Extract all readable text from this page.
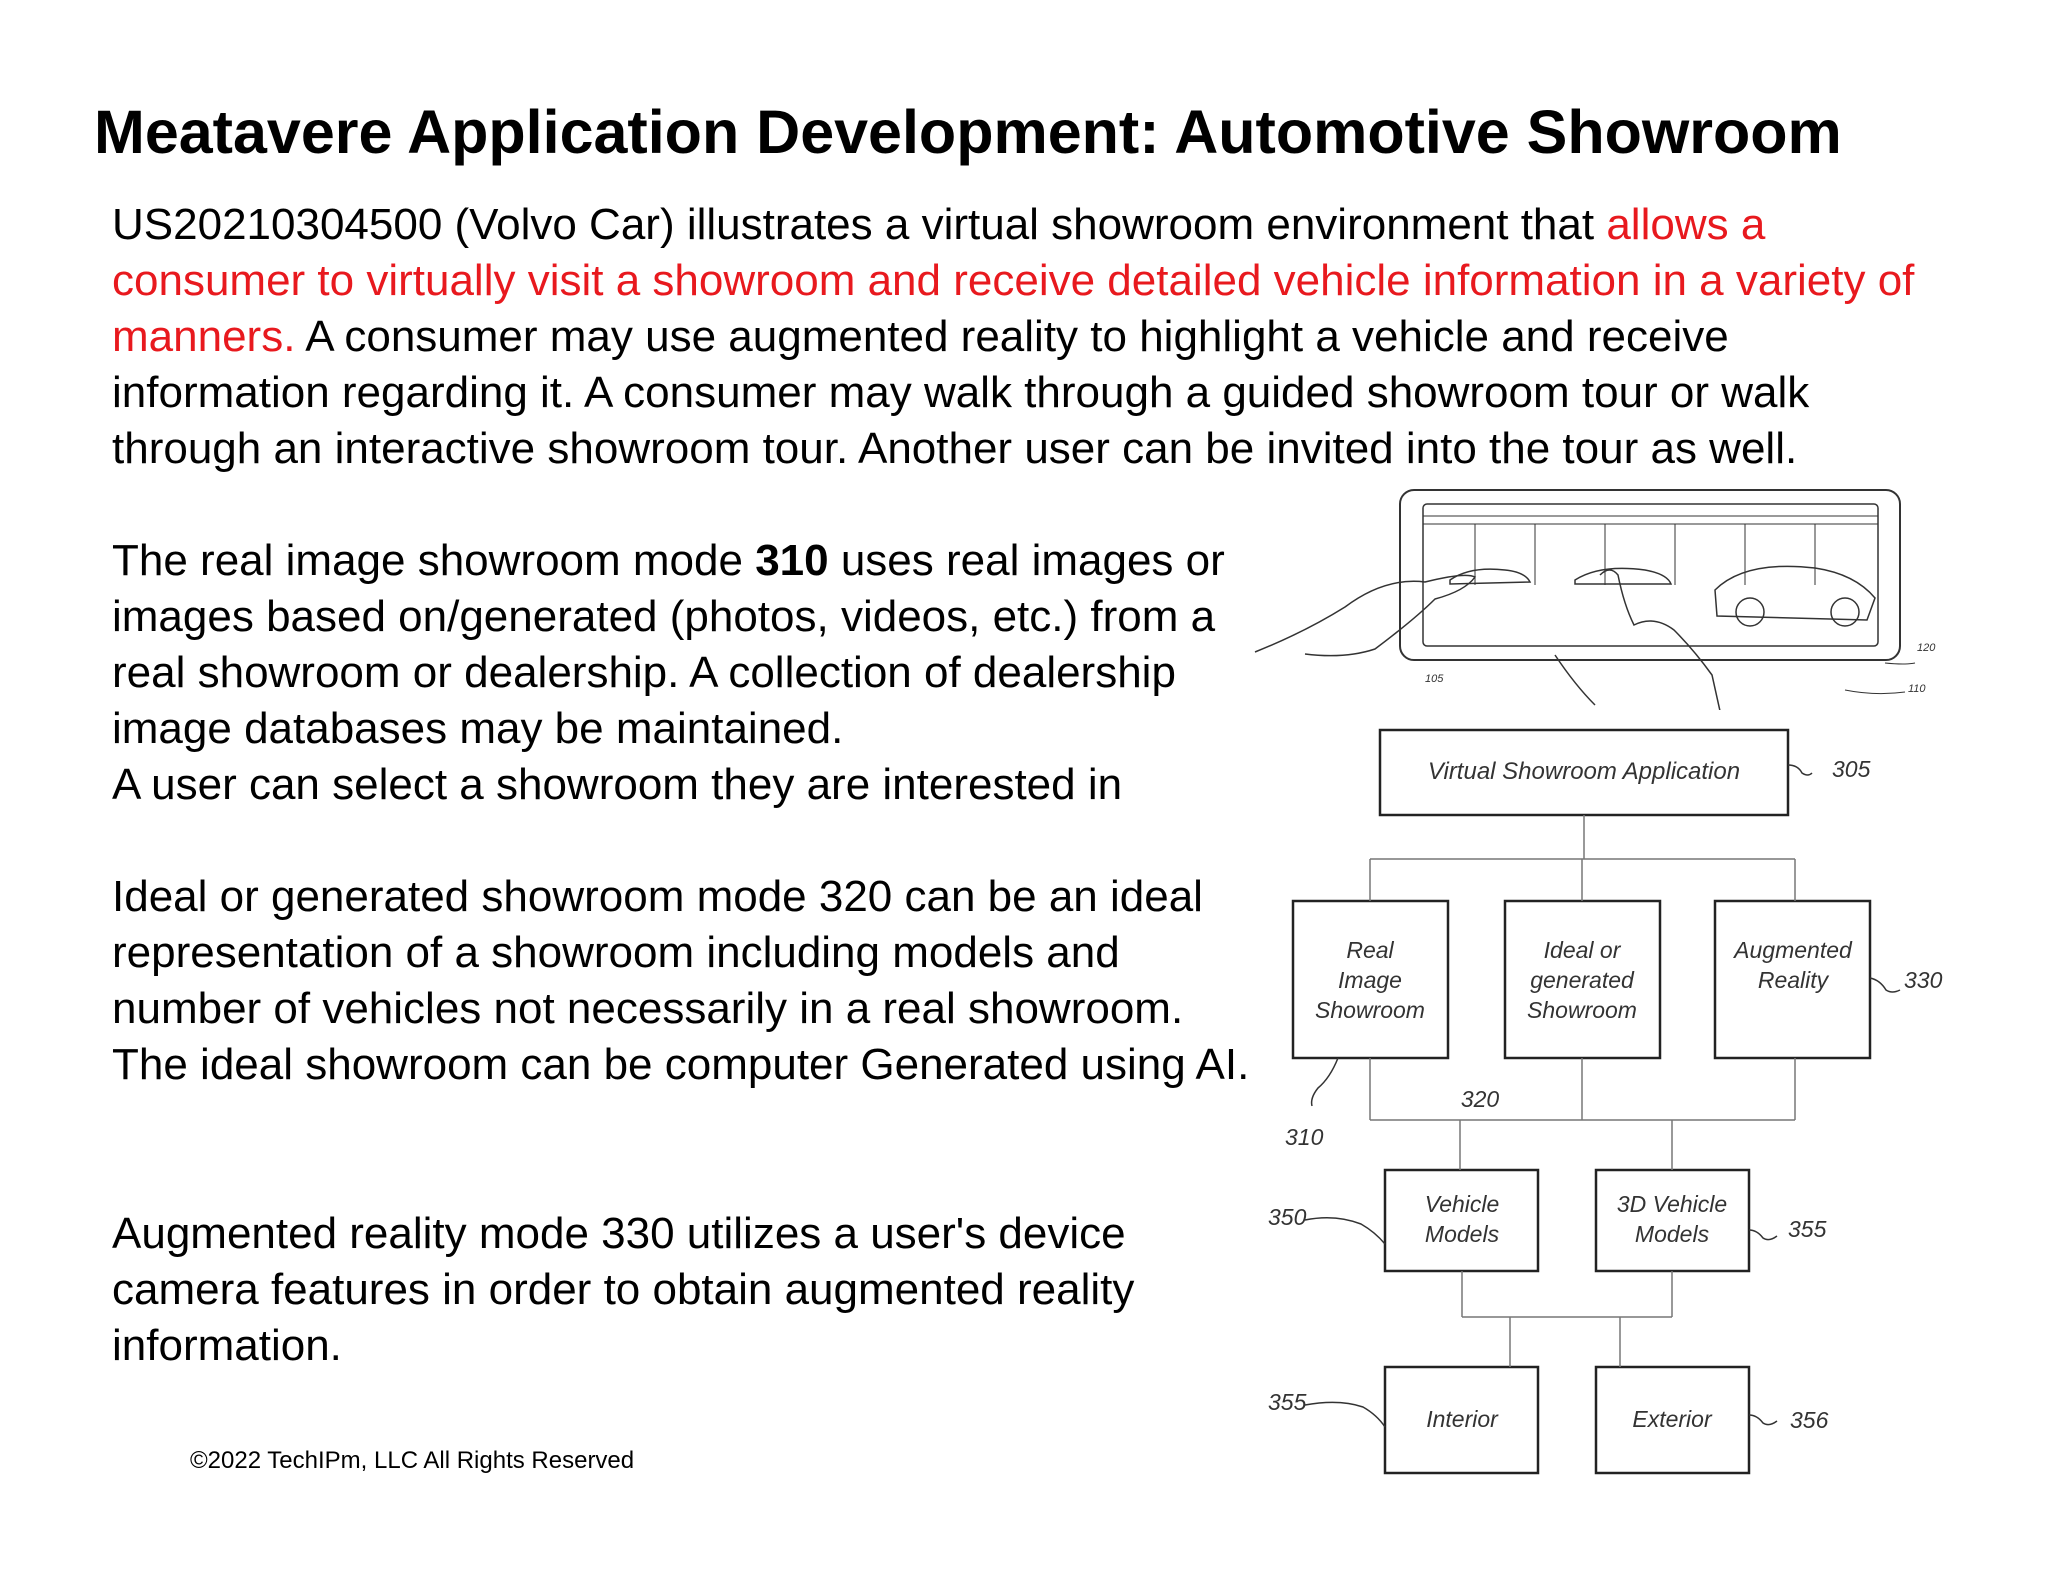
Meatavere Application Development: Automotive Showroom
US20210304500 (Volvo Car) illustrates a virtual showroom environment that allows a consumer to virtually visit a showroom and receive detailed vehicle information in a variety of manners. A consumer may use augmented reality to highlight a vehicle and receive information regarding it. A consumer may walk through a guided showroom tour or walk through an interactive showroom tour. Another user can be invited into the tour as well.
The real image showroom mode 310 uses real images or images based on/generated (photos, videos, etc.) from a real showroom or dealership. A collection of dealership image databases may be maintained.
A user can select a showroom they are interested in
Ideal or generated showroom mode 320 can be an ideal representation of a showroom including models and number of vehicles not necessarily in a real showroom. The ideal showroom can be computer Generated using AI.
Augmented reality mode 330 utilizes a user's device camera features in order to obtain augmented reality information.
©2022 TechIPm, LLC All Rights Reserved
105
110
120
Virtual Showroom Application	305
Real
Image
Showroom
Ideal or
generated
Showroom
Augmented
Reality	330
320
310
Vehicle
Models
3D Vehicle
Models
350	355
Interior	Exterior
355
356
